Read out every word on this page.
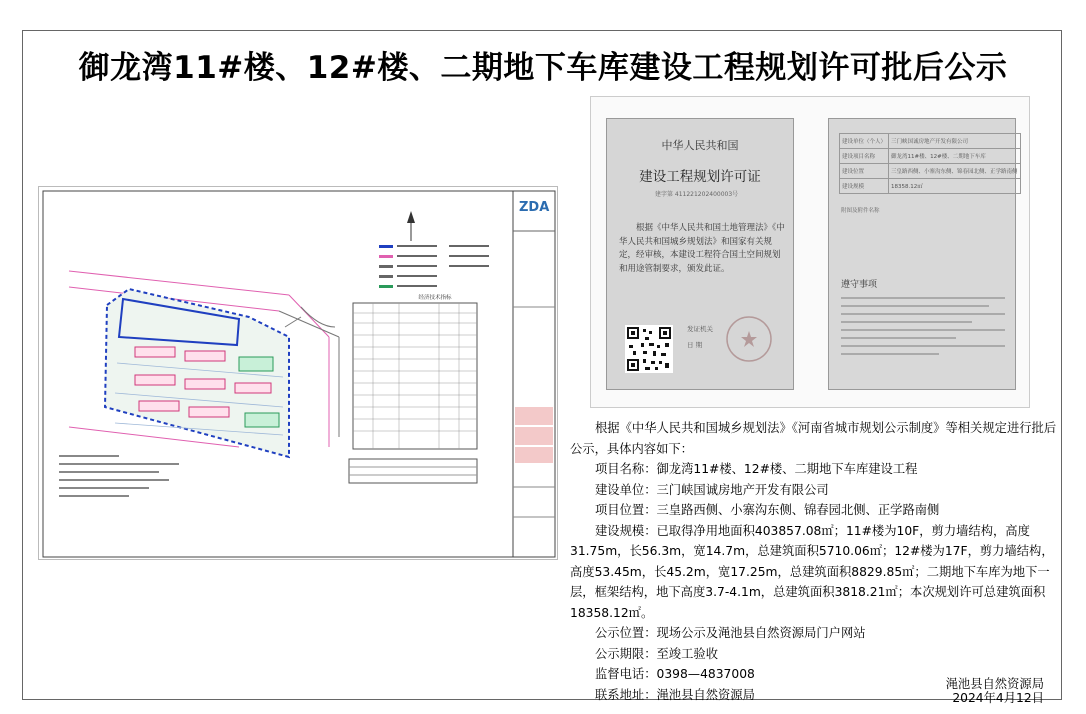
御龙湾11#楼、12#楼、二期地下车库建设工程规划许可批后公示
ZDA
经济技术指标
中华人民共和国
建设工程规划许可证
建字第 411221202400003号
根据《中华人民共和国土地管理法》《中华人民共和国城乡规划法》和国家有关规定，经审核，本建设工程符合国土空间规划和用途管制要求，颁发此证。
发证机关
日 期
建设单位（个人）	三门峡国诚房地产开发有限公司
建设项目名称	御龙湾11#楼、12#楼、二期地下车库
建设位置	三皇路西侧、小寨沟东侧、锦春园北侧、正学路南侧
建设规模	18358.12㎡
附图及附件名称
遵守事项

根据《中华人民共和国城乡规划法》《河南省城市规划公示制度》等相关规定进行批后公示，具体内容如下：

项目名称：御龙湾11#楼、12#楼、二期地下车库建设工程

建设单位：三门峡国诚房地产开发有限公司

项目位置：三皇路西侧、小寨沟东侧、锦春园北侧、正学路南侧

建设规模：已取得净用地面积403857.08㎡；11#楼为10F，剪力墙结构，高度31.75m，长56.3m，宽14.7m，总建筑面积5710.06㎡；12#楼为17F，剪力墙结构，高度53.45m，长45.2m，宽17.25m，总建筑面积8829.85㎡；二期地下车库为地下一层，框架结构，地下高度3.7-4.1m，总建筑面积3818.21㎡；本次规划许可总建筑面积18358.12㎡。

公示位置：现场公示及渑池县自然资源局门户网站

公示期限：至竣工验收

监督电话：0398—4837008

联系地址：渑池县自然资源局

渑池县自然资源局
2024年4月12日
